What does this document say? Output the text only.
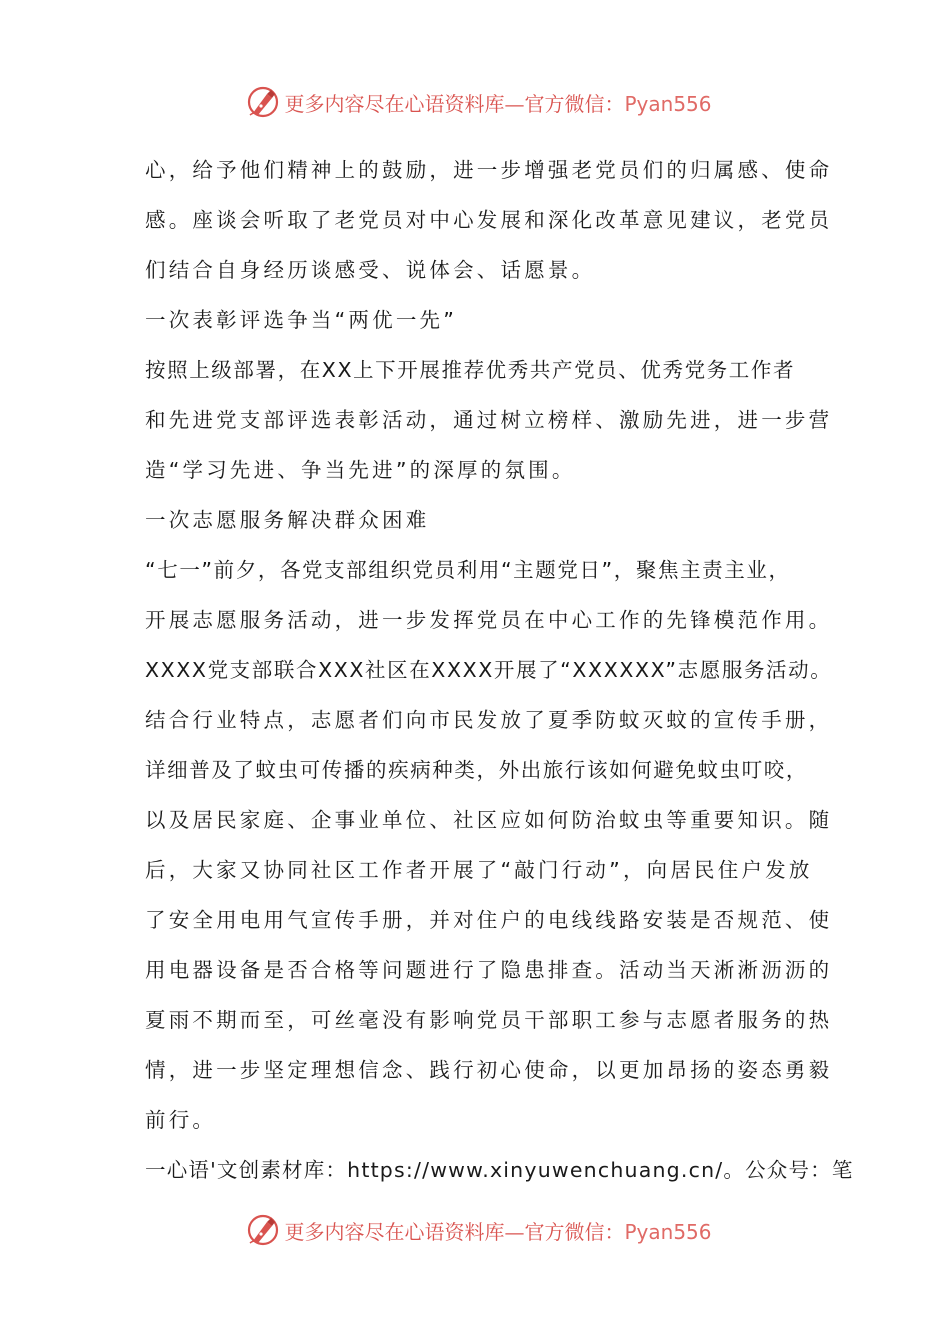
更多内容尽在心语资料库—官方微信：Pyan556
心，给予他们精神上的鼓励，进一步增强老党员们的归属感、使命
感。座谈会听取了老党员对中心发展和深化改革意见建议，老党员
们结合自身经历谈感受、说体会、话愿景。
一次表彰评选争当“两优一先”
按照上级部署，在XX上下开展推荐优秀共产党员、优秀党务工作者
和先进党支部评选表彰活动，通过树立榜样、激励先进，进一步营
造“学习先进、争当先进”的深厚的氛围。
一次志愿服务解决群众困难
“七一”前夕，各党支部组织党员利用“主题党日”，聚焦主责主业，
开展志愿服务活动，进一步发挥党员在中心工作的先锋模范作用。
XXXX党支部联合XXX社区在XXXX开展了“XXXXXX”志愿服务活动。
结合行业特点，志愿者们向市民发放了夏季防蚊灭蚊的宣传手册，
详细普及了蚊虫可传播的疾病种类，外出旅行该如何避免蚊虫叮咬，
以及居民家庭、企事业单位、社区应如何防治蚊虫等重要知识。随
后，大家又协同社区工作者开展了“敲门行动”，向居民住户发放
了安全用电用气宣传手册，并对住户的电线线路安装是否规范、使
用电器设备是否合格等问题进行了隐患排查。活动当天淅淅沥沥的
夏雨不期而至，可丝毫没有影响党员干部职工参与志愿者服务的热
情，进一步坚定理想信念、践行初心使命，以更加昂扬的姿态勇毅
前行。
一心语'文创素材库：https://www.xinyuwenchuang.cn/。公众号：笔
更多内容尽在心语资料库—官方微信：Pyan556
